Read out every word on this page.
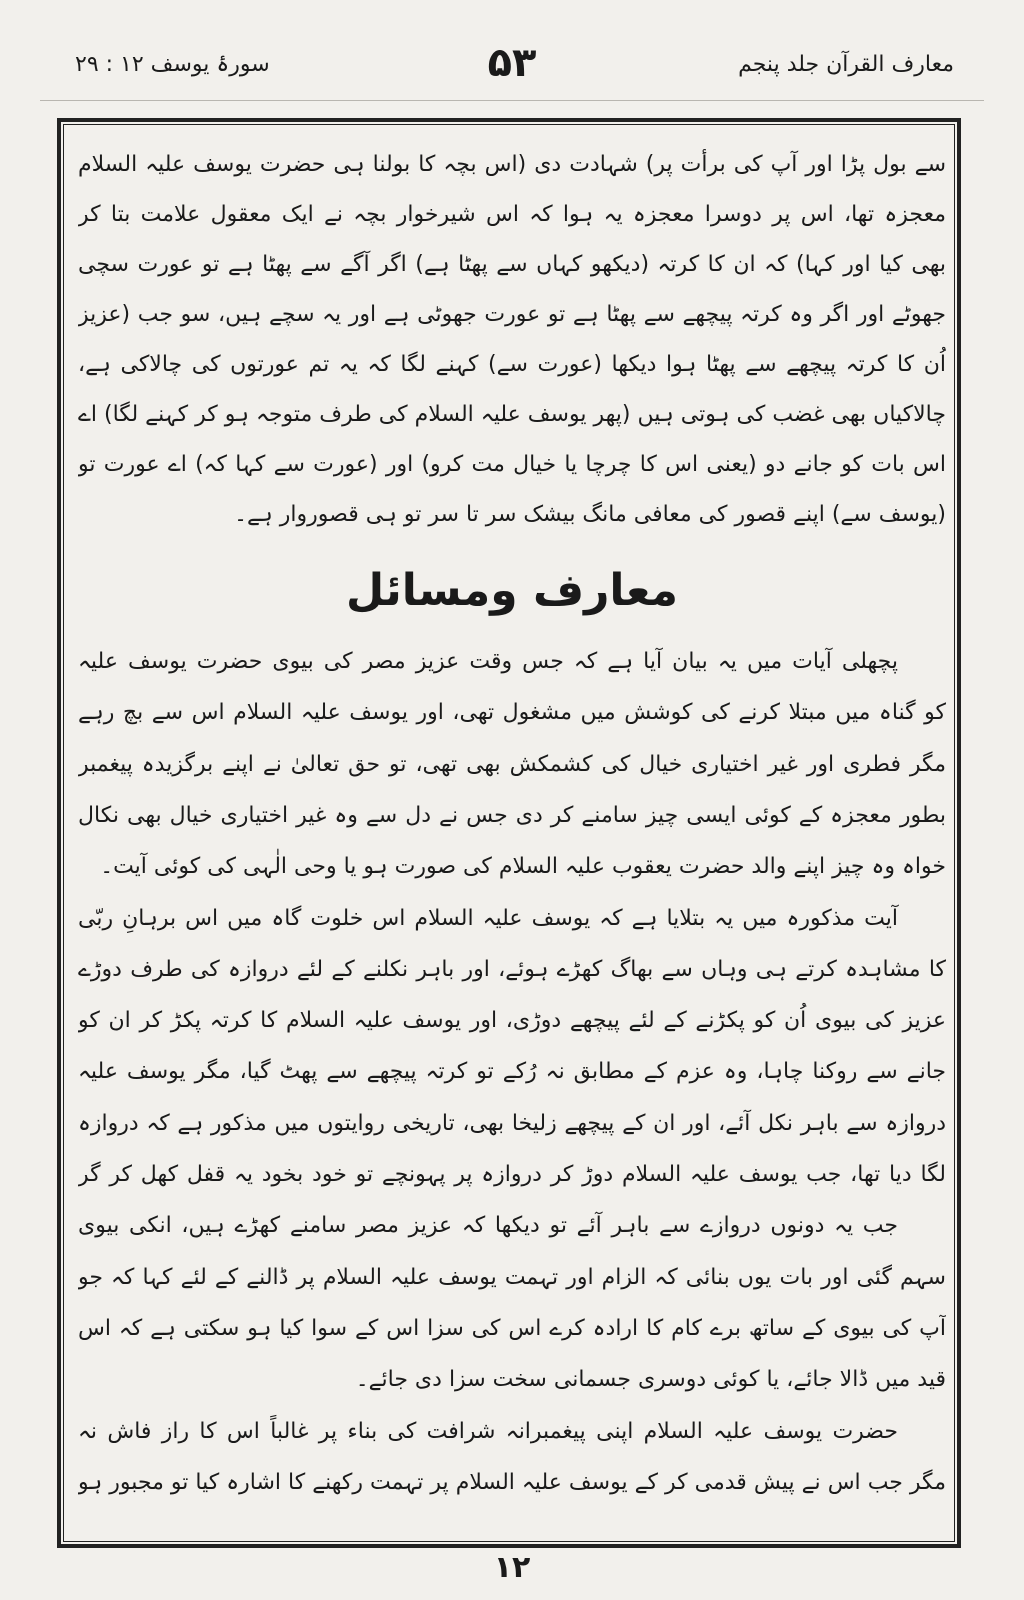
معارف القرآن جلد پنجم
۵۳
سورۂ یوسف ۱۲ : ۲۹
سے بول پڑا اور آپ کی برأت پر) شہادت دی (اس بچہ کا بولنا ہی حضرت یوسف علیہ السلام
معجزہ تھا، اس پر دوسرا معجزہ یہ ہوا کہ اس شیرخوار بچہ نے ایک معقول علامت بتا کر
بھی کیا اور کہا) کہ ان کا کرتہ (دیکھو کہاں سے پھٹا ہے) اگر آگے سے پھٹا ہے تو عورت سچی
جھوٹے اور اگر وہ کرتہ پیچھے سے پھٹا ہے تو عورت جھوٹی ہے اور یہ سچے ہیں، سو جب (عزیز
اُن کا کرتہ پیچھے سے پھٹا ہوا دیکھا (عورت سے) کہنے لگا کہ یہ تم عورتوں کی چالاکی ہے،
چالاکیاں بھی غضب کی ہوتی ہیں (پھر یوسف علیہ السلام کی طرف متوجہ ہو کر کہنے لگا) اے
اس بات کو جانے دو (یعنی اس کا چرچا یا خیال مت کرو) اور (عورت سے کہا کہ) اے عورت تو
(یوسف سے) اپنے قصور کی معافی مانگ بیشک سر تا سر تو ہی قصوروار ہے۔
معارف ومسائل
پچھلی آیات میں یہ بیان آیا ہے کہ جس وقت عزیز مصر کی بیوی حضرت یوسف علیہ
کو گناہ میں مبتلا کرنے کی کوشش میں مشغول تھی، اور یوسف علیہ السلام اس سے بچ رہے
مگر فطری اور غیر اختیاری خیال کی کشمکش بھی تھی، تو حق تعالیٰ نے اپنے برگزیدہ پیغمبر
بطور معجزہ کے کوئی ایسی چیز سامنے کر دی جس نے دل سے وہ غیر اختیاری خیال بھی نکال
خواہ وہ چیز اپنے والد حضرت یعقوب علیہ السلام کی صورت ہو یا وحی الٰہی کی کوئی آیت۔
آیت مذکورہ میں یہ بتلایا ہے کہ یوسف علیہ السلام اس خلوت گاہ میں اس برہانِ ربّی
کا مشاہدہ کرتے ہی وہاں سے بھاگ کھڑے ہوئے، اور باہر نکلنے کے لئے دروازہ کی طرف دوڑے
عزیز کی بیوی اُن کو پکڑنے کے لئے پیچھے دوڑی، اور یوسف علیہ السلام کا کرتہ پکڑ کر ان کو
جانے سے روکنا چاہا، وہ عزم کے مطابق نہ رُکے تو کرتہ پیچھے سے پھٹ گیا، مگر یوسف علیہ
دروازہ سے باہر نکل آئے، اور ان کے پیچھے زلیخا بھی، تاریخی روایتوں میں مذکور ہے کہ دروازہ
لگا دیا تھا، جب یوسف علیہ السلام دوڑ کر دروازہ پر پہونچے تو خود بخود یہ قفل کھل کر گر
جب یہ دونوں دروازے سے باہر آئے تو دیکھا کہ عزیز مصر سامنے کھڑے ہیں، انکی بیوی
سہم گئی اور بات یوں بنائی کہ الزام اور تہمت یوسف علیہ السلام پر ڈالنے کے لئے کہا کہ جو
آپ کی بیوی کے ساتھ برے کام کا ارادہ کرے اس کی سزا اس کے سوا کیا ہو سکتی ہے کہ اس
قید میں ڈالا جائے، یا کوئی دوسری جسمانی سخت سزا دی جائے۔
حضرت یوسف علیہ السلام اپنی پیغمبرانہ شرافت کی بناء پر غالباً اس کا راز فاش نہ
مگر جب اس نے پیش قدمی کر کے یوسف علیہ السلام پر تہمت رکھنے کا اشارہ کیا تو مجبور ہو
۱۲
